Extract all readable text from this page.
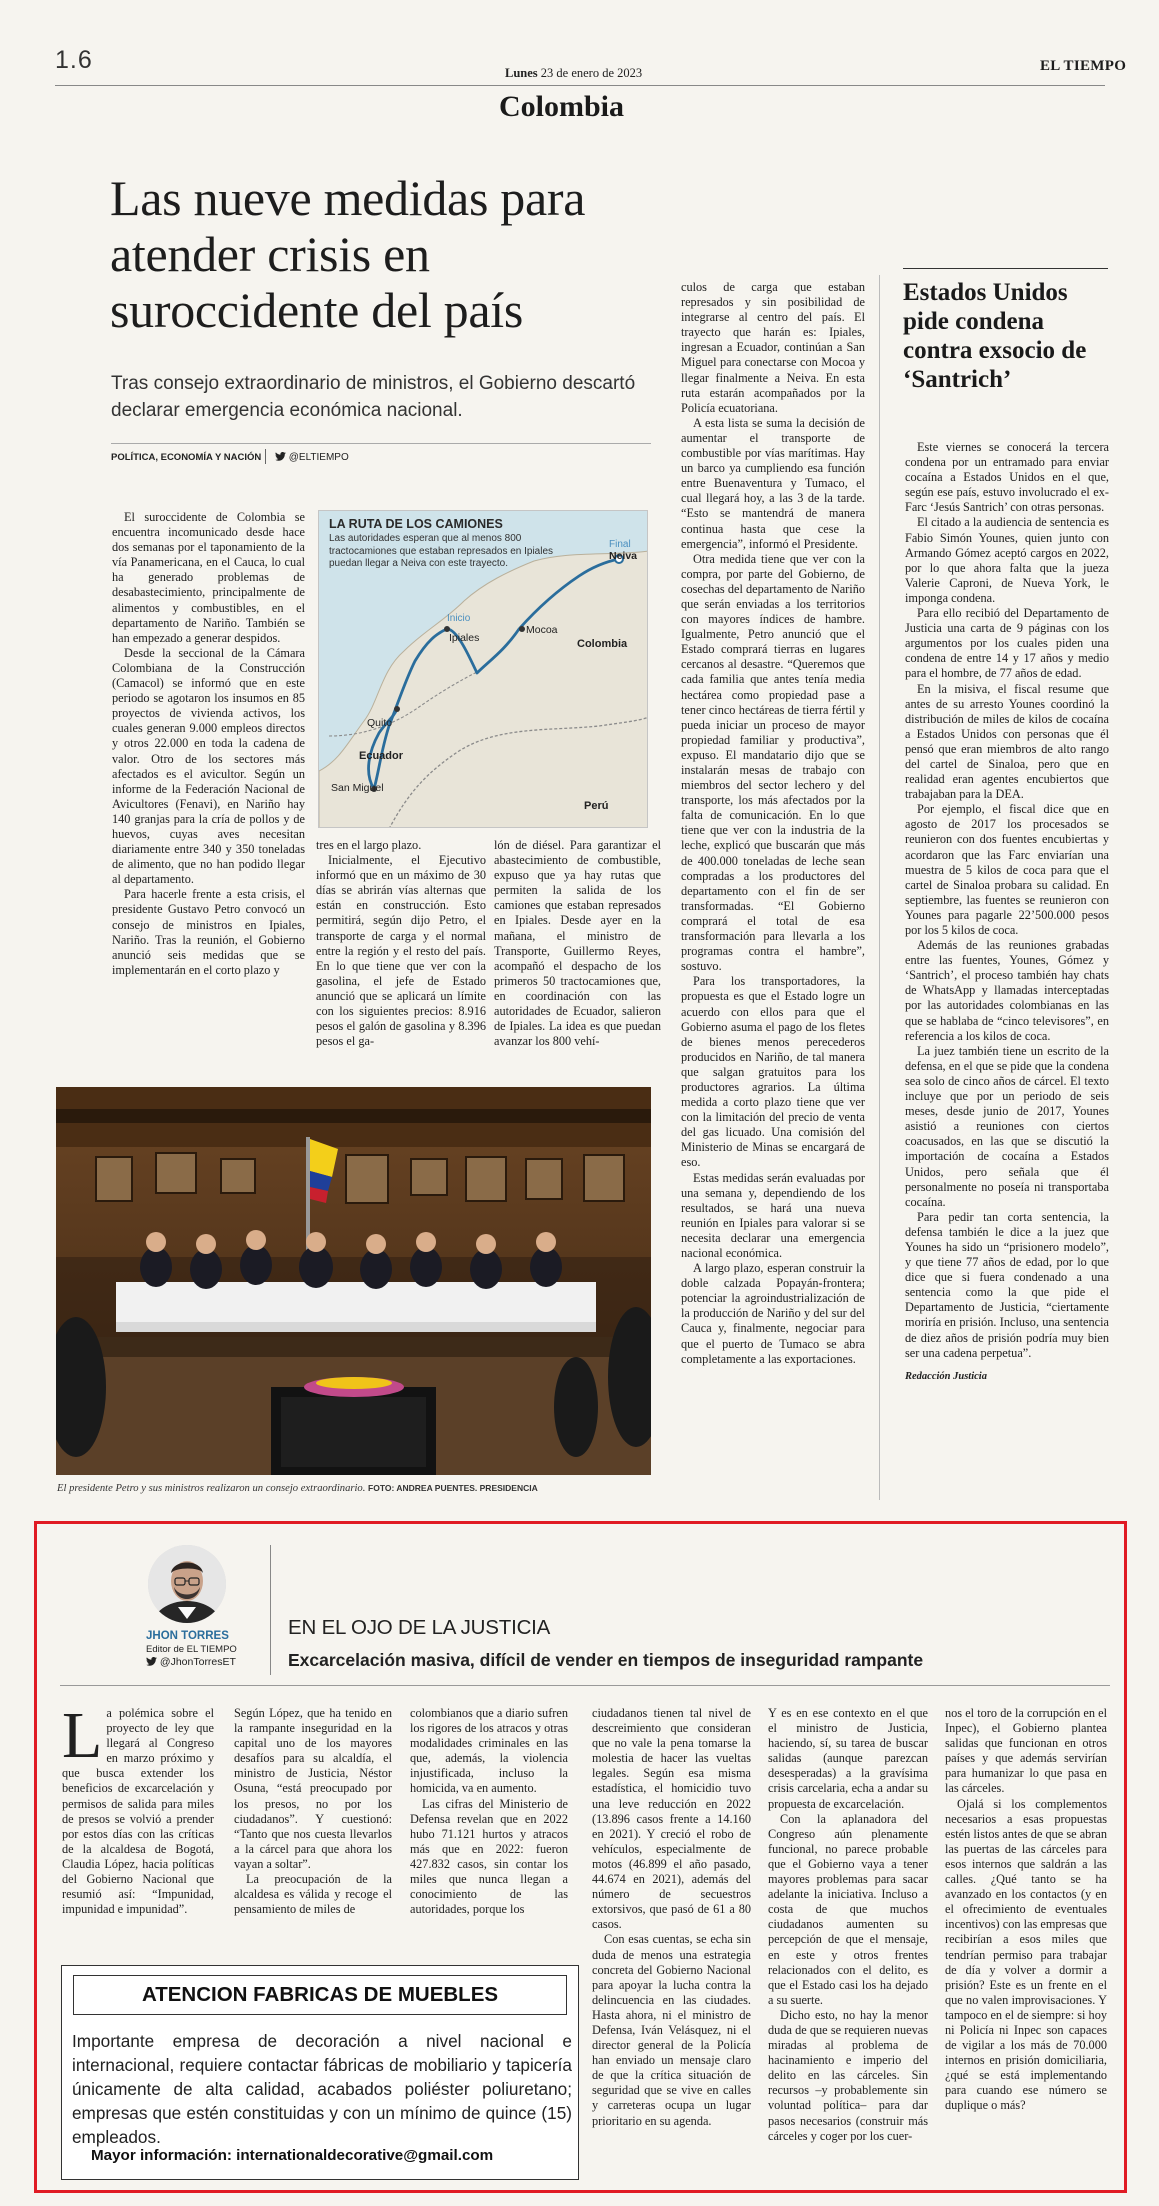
1.6	Lunes 23 de enero de 2023	EL TIEMPO
Colombia
Las nueve medidas para atender crisis en suroccidente del país
Tras consejo extraordinario de ministros, el Gobierno descartó declarar emergencia económica nacional.
POLÍTICA, ECONOMÍA Y NACIÓN	@ELTIEMPO

El suroccidente de Colombia se encuentra incomunicado desde hace dos semanas por el taponamiento de la vía Panamericana, en el Cauca, lo cual ha generado problemas de desabastecimiento, principalmente de alimentos y combustibles, en el departamento de Nariño. También se han empezado a generar despidos.

Desde la seccional de la Cámara Colombiana de la Construcción (Camacol) se informó que en este periodo se agotaron los insumos en 85 proyectos de vivienda activos, los cuales generan 9.000 empleos directos y otros 22.000 en toda la cadena de valor. Otro de los sectores más afectados es el avicultor. Según un informe de la Federación Nacional de Avicultores (Fenavi), en Nariño hay 140 granjas para la cría de pollos y de huevos, cuyas aves necesitan diariamente entre 340 y 350 toneladas de alimento, que no han podido llegar al departamento.

Para hacerle frente a esta crisis, el presidente Gustavo Petro convocó un consejo de ministros en Ipiales, Nariño. Tras la reunión, el Gobierno anunció seis medidas que se implementarán en el corto plazo y

LA RUTA DE LOS CAMIONES
Las autoridades esperan que al menos 800 tractocamiones que estaban represados en Ipiales puedan llegar a Neiva con este trayecto.
Final
Neiva
Inicio
Ipiales
Mocoa
Colombia
Quito
Ecuador
San Miguel
Perú

tres en el largo plazo.

Inicialmente, el Ejecutivo informó que en un máximo de 30 días se abrirán vías alternas que están en construcción. Esto permitirá, según dijo Petro, el transporte de carga y el normal entre la región y el resto del país. En lo que tiene que ver con la gasolina, el jefe de Estado anunció que se aplicará un límite con los siguientes precios: 8.916 pesos el galón de gasolina y 8.396 pesos el ga-

lón de diésel. Para garantizar el abastecimiento de combustible, expuso que ya hay rutas que permiten la salida de los camiones que estaban represados en Ipiales. Desde ayer en la mañana, el ministro de Transporte, Guillermo Reyes, acompañó el despacho de los primeros 50 tractocamiones que, en coordinación con las autoridades de Ecuador, salieron de Ipiales. La idea es que puedan avanzar los 800 vehí-

culos de carga que estaban represados y sin posibilidad de integrarse al centro del país. El trayecto que harán es: Ipiales, ingresan a Ecuador, continúan a San Miguel para conectarse con Mocoa y llegar finalmente a Neiva. En esta ruta estarán acompañados por la Policía ecuatoriana.

A esta lista se suma la decisión de aumentar el transporte de combustible por vías marítimas. Hay un barco ya cumpliendo esa función entre Buenaventura y Tumaco, el cual llegará hoy, a las 3 de la tarde. “Esto se mantendrá de manera continua hasta que cese la emergencia”, informó el Presidente.

Otra medida tiene que ver con la compra, por parte del Gobierno, de cosechas del departamento de Nariño que serán enviadas a los territorios con mayores índices de hambre. Igualmente, Petro anunció que el Estado comprará tierras en lugares cercanos al desastre. “Queremos que cada familia que antes tenía media hectárea como propiedad pase a tener cinco hectáreas de tierra fértil y pueda iniciar un proceso de mayor propiedad familiar y productiva”, expuso. El mandatario dijo que se instalarán mesas de trabajo con miembros del sector lechero y del transporte, los más afectados por la falta de comunicación. En lo que tiene que ver con la industria de la leche, explicó que buscarán que más de 400.000 toneladas de leche sean compradas a los productores del departamento con el fin de ser transformadas. “El Gobierno comprará el total de esa transformación para llevarla a los programas contra el hambre”, sostuvo.

Para los transportadores, la propuesta es que el Estado logre un acuerdo con ellos para que el Gobierno asuma el pago de los fletes de bienes menos perecederos producidos en Nariño, de tal manera que salgan gratuitos para los productores agrarios. La última medida a corto plazo tiene que ver con la limitación del precio de venta del gas licuado. Una comisión del Ministerio de Minas se encargará de eso.

Estas medidas serán evaluadas por una semana y, dependiendo de los resultados, se hará una nueva reunión en Ipiales para valorar si se necesita declarar una emergencia nacional económica.

A largo plazo, esperan construir la doble calzada Popayán-frontera; potenciar la agroindustrialización de la producción de Nariño y del sur del Cauca y, finalmente, negociar para que el puerto de Tumaco se abra completamente a las exportaciones.

Estados Unidos pide condena contra exsocio de ‘Santrich’

Este viernes se conocerá la tercera condena por un entramado para enviar cocaína a Estados Unidos en el que, según ese país, estuvo involucrado el ex-Farc ‘Jesús Santrich’ con otras personas.

El citado a la audiencia de sentencia es Fabio Simón Younes, quien junto con Armando Gómez aceptó cargos en 2022, por lo que ahora falta que la jueza Valerie Caproni, de Nueva York, le imponga condena.

Para ello recibió del Departamento de Justicia una carta de 9 páginas con los argumentos por los cuales piden una condena de entre 14 y 17 años y medio para el hombre, de 77 años de edad.

En la misiva, el fiscal resume que antes de su arresto Younes coordinó la distribución de miles de kilos de cocaína a Estados Unidos con personas que él pensó que eran miembros de alto rango del cartel de Sinaloa, pero que en realidad eran agentes encubiertos que trabajaban para la DEA.

Por ejemplo, el fiscal dice que en agosto de 2017 los procesados se reunieron con dos fuentes encubiertas y acordaron que las Farc enviarían una muestra de 5 kilos de coca para que el cartel de Sinaloa probara su calidad. En septiembre, las fuentes se reunieron con Younes para pagarle 22’500.000 pesos por los 5 kilos de coca.

Además de las reuniones grabadas entre las fuentes, Younes, Gómez y ‘Santrich’, el proceso también hay chats de WhatsApp y llamadas interceptadas por las autoridades colombianas en las que se hablaba de “cinco televisores”, en referencia a los kilos de coca.

La juez también tiene un escrito de la defensa, en el que se pide que la condena sea solo de cinco años de cárcel. El texto incluye que por un periodo de seis meses, desde junio de 2017, Younes asistió a reuniones con ciertos coacusados, en las que se discutió la importación de cocaína a Estados Unidos, pero señala que él personalmente no poseía ni transportaba cocaína.

Para pedir tan corta sentencia, la defensa también le dice a la juez que Younes ha sido un “prisionero modelo”, y que tiene 77 años de edad, por lo que dice que si fuera condenado a una sentencia como la que pide el Departamento de Justicia, “ciertamente moriría en prisión. Incluso, una sentencia de diez años de prisión podría muy bien ser una cadena perpetua”.

Redacción Justicia
El presidente Petro y sus ministros realizaron un consejo extraordinario. FOTO: ANDREA PUENTES. PRESIDENCIA
JHON TORRES
Editor de EL TIEMPO
@JhonTorresET
EN EL OJO DE LA JUSTICIA
Excarcelación masiva, difícil de vender en tiempos de inseguridad rampante
L a polémica sobre el proyecto de ley que llegará al Congreso en marzo próximo y que busca extender los beneficios de excarcelación y permisos de salida para miles de presos se volvió a prender por estos días con las críticas de la alcaldesa de Bogotá, Claudia López, hacia políticas del Gobierno Nacional que resumió así: “Impunidad, impunidad e impunidad”.

Según López, que ha tenido en la rampante inseguridad en la capital uno de los mayores desafíos para su alcaldía, el ministro de Justicia, Néstor Osuna, “está preocupado por los presos, no por los ciudadanos”. Y cuestionó: “Tanto que nos cuesta llevarlos a la cárcel para que ahora los vayan a soltar”.

La preocupación de la alcaldesa es válida y recoge el pensamiento de miles de

colombianos que a diario sufren los rigores de los atracos y otras modalidades criminales en las que, además, la violencia injustificada, incluso la homicida, va en aumento.

Las cifras del Ministerio de Defensa revelan que en 2022 hubo 71.121 hurtos y atracos más que en 2022: fueron 427.832 casos, sin contar los miles que nunca llegan a conocimiento de las autoridades, porque los

ciudadanos tienen tal nivel de descreimiento que consideran que no vale la pena tomarse la molestia de hacer las vueltas legales. Según esa misma estadística, el homicidio tuvo una leve reducción en 2022 (13.896 casos frente a 14.160 en 2021). Y creció el robo de vehículos, especialmente de motos (46.899 el año pasado, 44.674 en 2021), además del número de secuestros extorsivos, que pasó de 61 a 80 casos.

Con esas cuentas, se echa sin duda de menos una estrategia concreta del Gobierno Nacional para apoyar la lucha contra la delincuencia en las ciudades. Hasta ahora, ni el ministro de Defensa, Iván Velásquez, ni el director general de la Policía han enviado un mensaje claro de que la crítica situación de seguridad que se vive en calles y carreteras ocupa un lugar prioritario en su agenda.

Y es en ese contexto en el que el ministro de Justicia, haciendo, sí, su tarea de buscar salidas (aunque parezcan desesperadas) a la gravísima crisis carcelaria, echa a andar su propuesta de excarcelación.

Con la aplanadora del Congreso aún plenamente funcional, no parece probable que el Gobierno vaya a tener mayores problemas para sacar adelante la iniciativa. Incluso a costa de que muchos ciudadanos aumenten su percepción de que el mensaje, en este y otros frentes relacionados con el delito, es que el Estado casi los ha dejado a su suerte.

Dicho esto, no hay la menor duda de que se requieren nuevas miradas al problema de hacinamiento e imperio del delito en las cárceles. Sin recursos –y probablemente sin voluntad política– para dar pasos necesarios (construir más cárceles y coger por los cuer-

nos el toro de la corrupción en el Inpec), el Gobierno plantea salidas que funcionan en otros países y que además servirían para humanizar lo que pasa en las cárceles.

Ojalá si los complementos necesarios a esas propuestas estén listos antes de que se abran las puertas de las cárceles para esos internos que saldrán a las calles. ¿Qué tanto se ha avanzado en los contactos (y en el ofrecimiento de eventuales incentivos) con las empresas que recibirían a esos miles que tendrían permiso para trabajar de día y volver a dormir a prisión? Este es un frente en el que no valen improvisaciones. Y tampoco en el de siempre: si hoy ni Policía ni Inpec son capaces de vigilar a los más de 70.000 internos en prisión domiciliaria, ¿qué se está implementando para cuando ese número se duplique o más?

ATENCION FABRICAS DE MUEBLES
Importante empresa de decoración a nivel nacional e internacional, requiere contactar fábricas de mobiliario y tapicería únicamente de alta calidad, acabados poliéster poliuretano; empresas que estén constituidas y con un mínimo de quince (15) empleados.
Mayor información: internationaldecorative@gmail.com
